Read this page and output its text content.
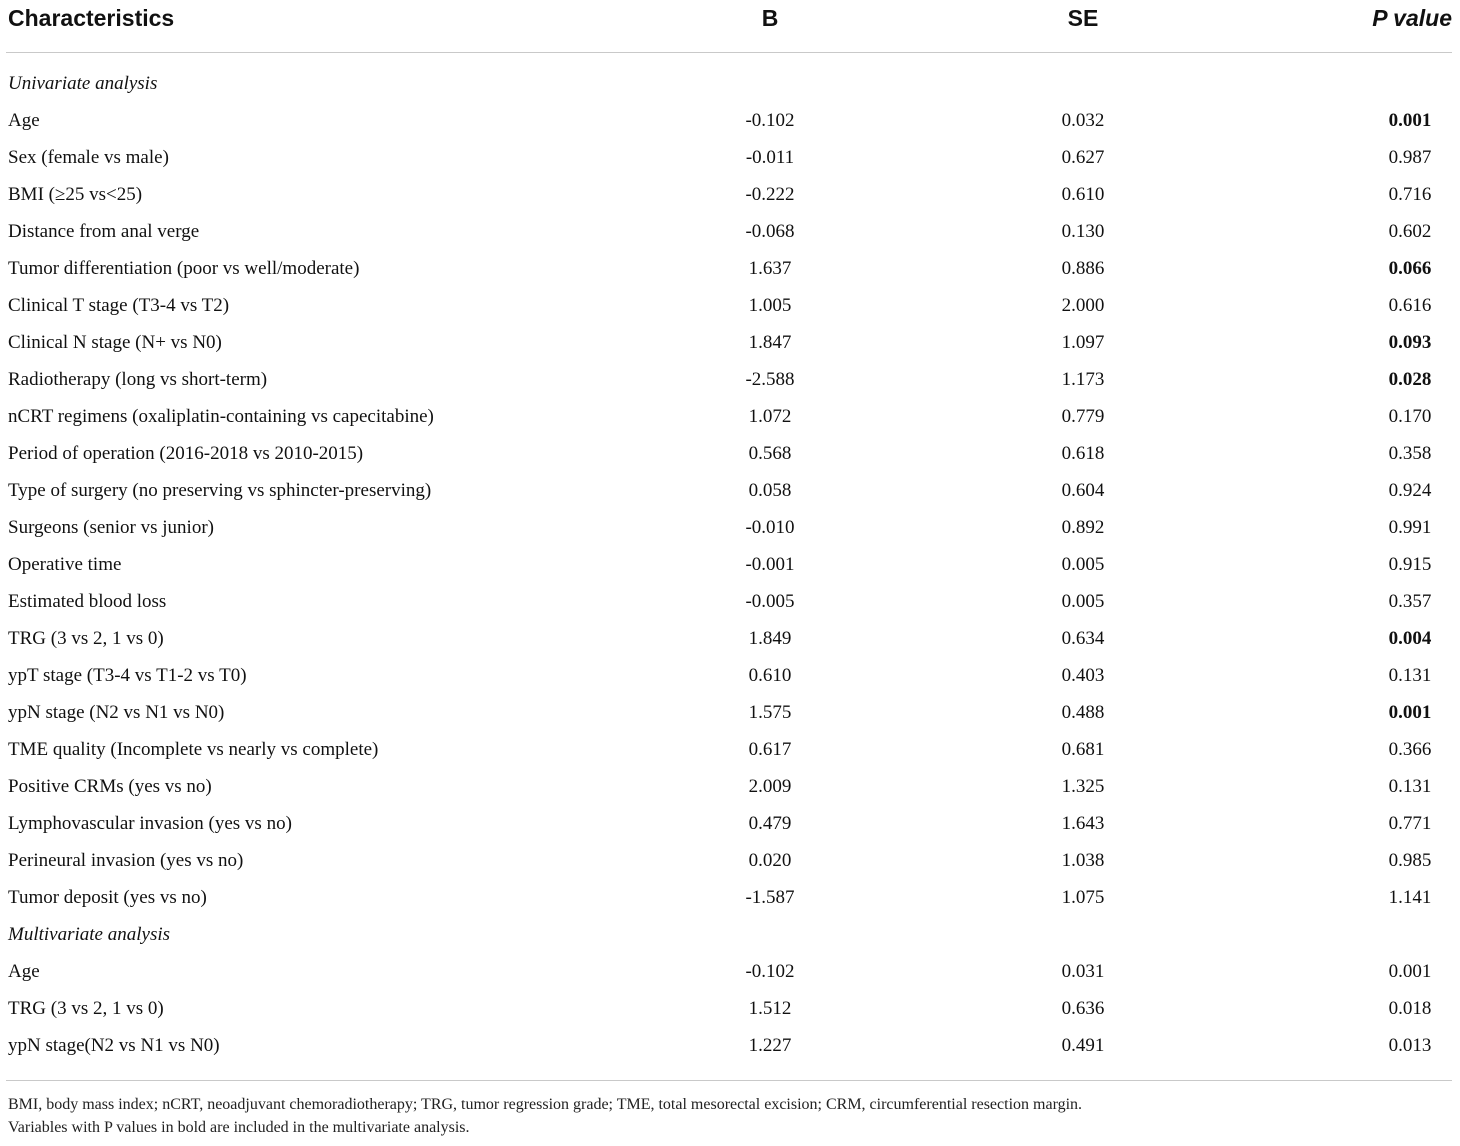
Characteristics	B	SE	P value
Univariate analysis
Age	-0.102	0.032	0.001
Sex (female vs male)	-0.011	0.627	0.987
BMI (≥25 vs<25)	-0.222	0.610	0.716
Distance from anal verge	-0.068	0.130	0.602
Tumor differentiation (poor vs well/moderate)	1.637	0.886	0.066
Clinical T stage (T3-4 vs T2)	1.005	2.000	0.616
Clinical N stage (N+ vs N0)	1.847	1.097	0.093
Radiotherapy (long vs short-term)	-2.588	1.173	0.028
nCRT regimens (oxaliplatin-containing vs capecitabine)	1.072	0.779	0.170
Period of operation (2016-2018 vs 2010-2015)	0.568	0.618	0.358
Type of surgery (no preserving vs sphincter-preserving)	0.058	0.604	0.924
Surgeons (senior vs junior)	-0.010	0.892	0.991
Operative time	-0.001	0.005	0.915
Estimated blood loss	-0.005	0.005	0.357
TRG (3 vs 2, 1 vs 0)	1.849	0.634	0.004
ypT stage (T3-4 vs T1-2 vs T0)	0.610	0.403	0.131
ypN stage (N2 vs N1 vs N0)	1.575	0.488	0.001
TME quality (Incomplete vs nearly vs complete)	0.617	0.681	0.366
Positive CRMs (yes vs no)	2.009	1.325	0.131
Lymphovascular invasion (yes vs no)	0.479	1.643	0.771
Perineural invasion (yes vs no)	0.020	1.038	0.985
Tumor deposit (yes vs no)	-1.587	1.075	1.141
Multivariate analysis
Age	-0.102	0.031	0.001
TRG (3 vs 2, 1 vs 0)	1.512	0.636	0.018
ypN stage(N2 vs N1 vs N0)	1.227	0.491	0.013
BMI, body mass index; nCRT, neoadjuvant chemoradiotherapy; TRG, tumor regression grade; TME, total mesorectal excision; CRM, circumferential resection margin.
Variables with P values in bold are included in the multivariate analysis.
